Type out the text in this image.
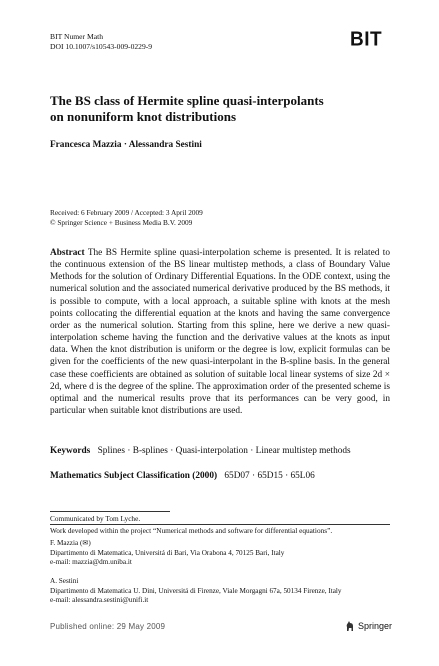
BIT Numer Math
DOI 10.1007/s10543-009-0229-9	BIT
The BS class of Hermite spline quasi-interpolants
on nonuniform knot distributions
Francesca Mazzia · Alessandra Sestini
Received: 6 February 2009 / Accepted: 3 April 2009
© Springer Science + Business Media B.V. 2009
Abstract The BS Hermite spline quasi-interpolation scheme is presented. It is related to the continuous extension of the BS linear multistep methods, a class of Boundary Value Methods for the solution of Ordinary Differential Equations. In the ODE context, using the numerical solution and the associated numerical derivative produced by the BS methods, it is possible to compute, with a local approach, a suitable spline with knots at the mesh points collocating the differential equation at the knots and having the same convergence order as the numerical solution. Starting from this spline, here we derive a new quasi-interpolation scheme having the function and the derivative values at the knots as input data. When the knot distribution is uniform or the degree is low, explicit formulas can be given for the coefficients of the new quasi-interpolant in the B-spline basis. In the general case these coefficients are obtained as solution of suitable local linear systems of size 2d × 2d, where d is the degree of the spline. The approximation order of the presented scheme is optimal and the numerical results prove that its performances can be very good, in particular when suitable knot distributions are used.
Keywords Splines · B-splines · Quasi-interpolation · Linear multistep methods
Mathematics Subject Classification (2000) 65D07 · 65D15 · 65L06
Communicated by Tom Lyche.
Work developed within the project “Numerical methods and software for differential equations”.
F. Mazzia (✉)
Dipartimento di Matematica, Universitá di Bari, Via Orabona 4, 70125 Bari, Italy
e-mail: mazzia@dm.uniba.it
A. Sestini
Dipartimento di Matematica U. Dini, Universitá di Firenze, Viale Morgagni 67a, 50134 Firenze, Italy
e-mail: alessandra.sestini@unifi.it
Published online: 29 May 2009	Springer
